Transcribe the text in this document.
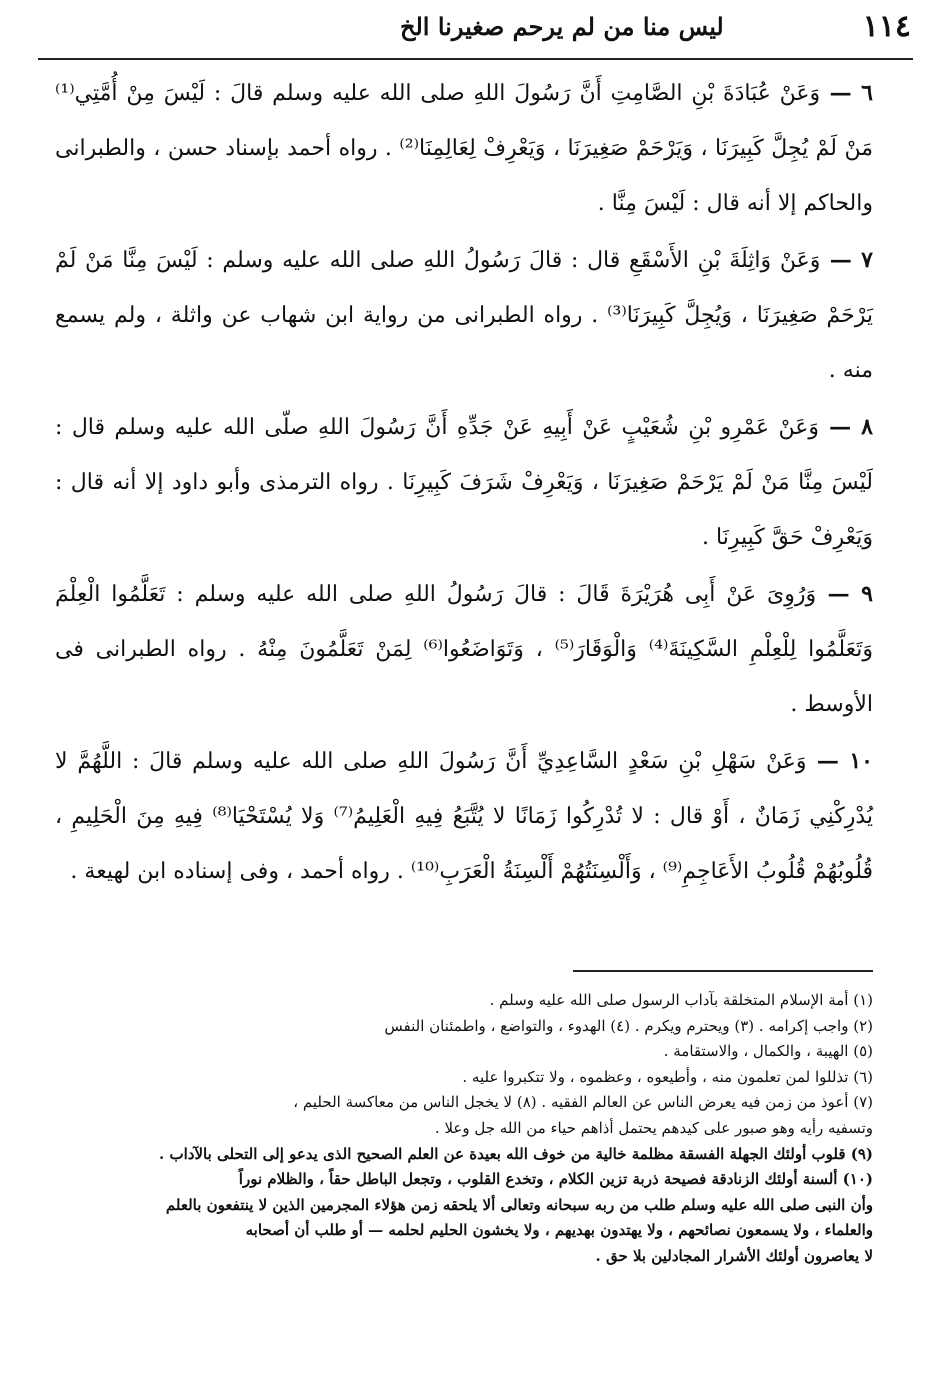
١١٤
ليس منا من لم يرحم صغيرنا الخ

٦ — وَعَنْ عُبَادَةَ بْنِ الصَّامِتِ أَنَّ رَسُولَ اللهِ صلى الله عليه وسلم قالَ : لَيْسَ مِنْ أُمَّتِي⁽¹⁾ مَنْ لَمْ يُجِلَّ كَبِيرَنَا ، وَيَرْحَمْ صَغِيرَنَا ، وَيَعْرِفْ لِعَالِمِنَا⁽²⁾ . رواه أحمد بإسناد حسن ، والطبرانى والحاكم إلا أنه قال : لَيْسَ مِنَّا .

٧ — وَعَنْ وَاثِلَةَ بْنِ الأَسْقَعِ قال : قالَ رَسُولُ اللهِ صلى الله عليه وسلم : لَيْسَ مِنَّا مَنْ لَمْ يَرْحَمْ صَغِيرَنَا ، وَيُجِلَّ كَبِيرَنَا⁽³⁾ . رواه الطبرانى من رواية ابن شهاب عن واثلة ، ولم يسمع منه .

٨ — وَعَنْ عَمْرِو بْنِ شُعَيْبٍ عَنْ أَبِيهِ عَنْ جَدِّهِ أَنَّ رَسُولَ اللهِ صلّى الله عليه وسلم قال : لَيْسَ مِنَّا مَنْ لَمْ يَرْحَمْ صَغِيرَنَا ، وَيَعْرِفْ شَرَفَ كَبِيرِنَا . رواه الترمذى وأبو داود إلا أنه قال : وَيَعْرِفْ حَقَّ كَبِيرِنَا .

٩ — وَرُوِىَ عَنْ أَبِى هُرَيْرَةَ قَالَ : قالَ رَسُولُ اللهِ صلى الله عليه وسلم : تَعَلَّمُوا الْعِلْمَ وَتَعَلَّمُوا لِلْعِلْمِ السَّكِينَةَ⁽⁴⁾ وَالْوَقَارَ⁽⁵⁾ ، وَتَوَاضَعُوا⁽⁶⁾ لِمَنْ تَعَلَّمُونَ مِنْهُ . رواه الطبرانى فى الأوسط .

١٠ — وَعَنْ سَهْلِ بْنِ سَعْدٍ السَّاعِدِيِّ أَنَّ رَسُولَ اللهِ صلى الله عليه وسلم قالَ : اللَّهُمَّ لا يُدْرِكْنِي زَمَانٌ ، أَوْ قال : لا تُدْرِكُوا زَمَانًا لا يُتَّبَعُ فِيهِ الْعَلِيمُ⁽⁷⁾ وَلا يُسْتَحْيَا⁽⁸⁾ فِيهِ مِنَ الْحَلِيمِ ، قُلُوبُهُمْ قُلُوبُ الأَعَاجِمِ⁽⁹⁾ ، وَأَلْسِنَتُهُمْ أَلْسِنَةُ الْعَرَبِ⁽¹⁰⁾ . رواه أحمد ، وفى إسناده ابن لهيعة .

(١) أمة الإسلام المتخلقة بآداب الرسول صلى الله عليه وسلم .

(٢) واجب إكرامه . (٣) ويحترم ويكرم . (٤) الهدوء ، والتواضع ، واطمئنان النفس

(٥) الهيبة ، والكمال ، والاستقامة .

(٦) تذللوا لمن تعلمون منه ، وأطيعوه ، وعظموه ، ولا تتكبروا عليه .

(٧) أعوذ من زمن فيه يعرض الناس عن العالم الفقيه . (٨) لا يخجل الناس من معاكسة الحليم ،

وتسفيه رأيه وهو صبور على كيدهم يحتمل أذاهم حياء من الله جل وعلا .

(٩) قلوب أولئك الجهلة الفسقة مظلمة خالية من خوف الله بعيدة عن العلم الصحيح الذى يدعو إلى التحلى بالآداب .

(١٠) ألسنة أولئك الزنادقة فصيحة ذربة تزين الكلام ، وتخدع القلوب ، وتجعل الباطل حقاً ، والظلام نوراً

وأن النبى صلى الله عليه وسلم طلب من ربه سبحانه وتعالى ألا يلحقه زمن هؤلاء المجرمين الذين لا ينتفعون بالعلم

والعلماء ، ولا يسمعون نصائحهم ، ولا يهتدون بهديهم ، ولا يخشون الحليم لحلمه — أو طلب أن أصحابه

لا يعاصرون أولئك الأشرار المجادلين بلا حق .
